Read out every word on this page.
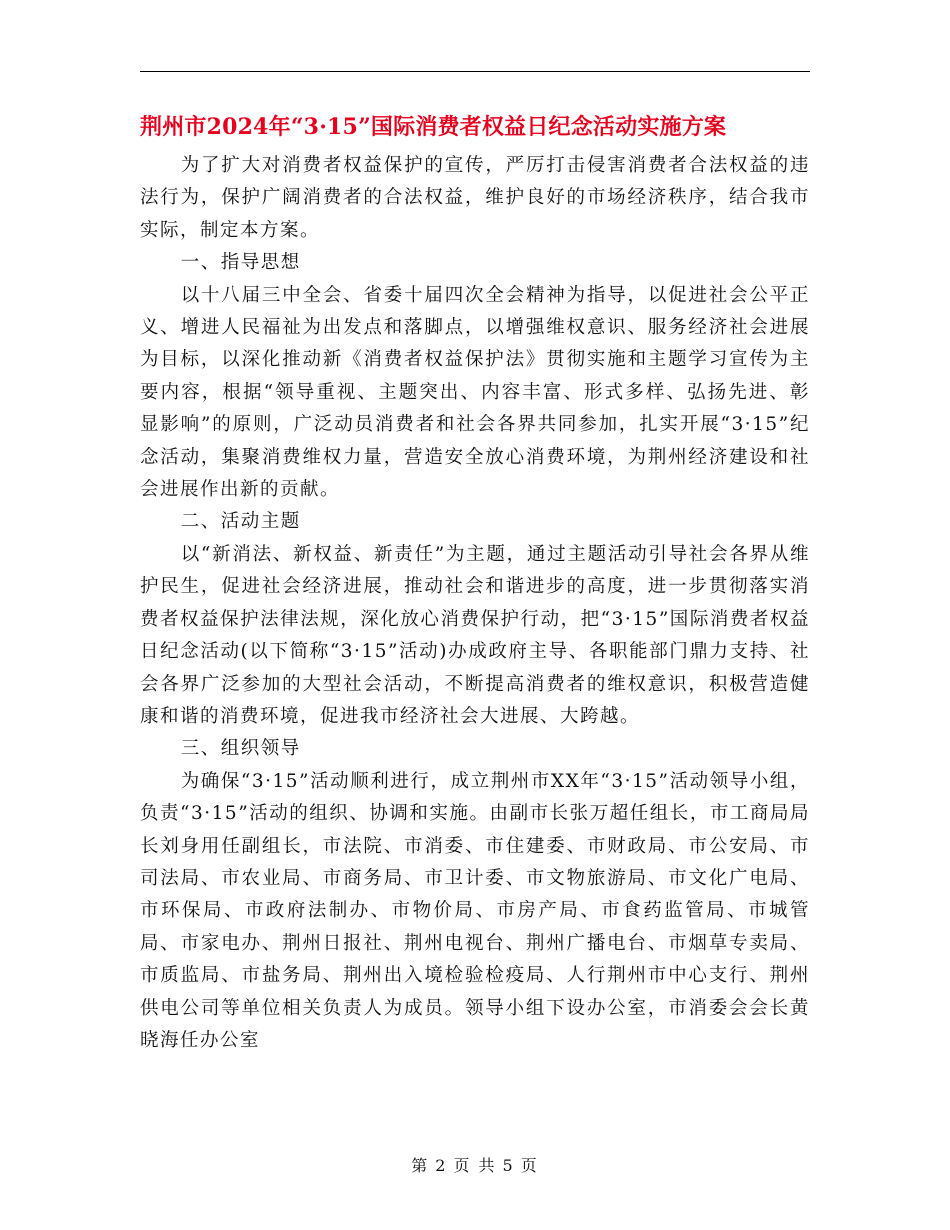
荆州市2024年“3·15”国际消费者权益日纪念活动实施方案

为了扩大对消费者权益保护的宣传，严厉打击侵害消费者合法权益的违法行为，保护广阔消费者的合法权益，维护良好的市场经济秩序，结合我市实际，制定本方案。

一、指导思想

以十八届三中全会、省委十届四次全会精神为指导，以促进社会公平正义、增进人民福祉为出发点和落脚点，以增强维权意识、服务经济社会进展为目标，以深化推动新《消费者权益保护法》贯彻实施和主题学习宣传为主要内容，根据“领导重视、主题突出、内容丰富、形式多样、弘扬先进、彰显影响”的原则，广泛动员消费者和社会各界共同参加，扎实开展“3·15”纪念活动，集聚消费维权力量，营造安全放心消费环境，为荆州经济建设和社会进展作出新的贡献。

二、活动主题

以“新消法、新权益、新责任”为主题，通过主题活动引导社会各界从维护民生，促进社会经济进展，推动社会和谐进步的高度，进一步贯彻落实消费者权益保护法律法规，深化放心消费保护行动，把“3·15”国际消费者权益日纪念活动(以下简称“3·15”活动)办成政府主导、各职能部门鼎力支持、社会各界广泛参加的大型社会活动，不断提高消费者的维权意识，积极营造健康和谐的消费环境，促进我市经济社会大进展、大跨越。

三、组织领导

为确保“3·15”活动顺利进行，成立荆州市XX年“3·15”活动领导小组，负责“3·15”活动的组织、协调和实施。由副市长张万超任组长，市工商局局长刘身用任副组长，市法院、市消委、市住建委、市财政局、市公安局、市司法局、市农业局、市商务局、市卫计委、市文物旅游局、市文化广电局、市环保局、市政府法制办、市物价局、市房产局、市食药监管局、市城管局、市家电办、荆州日报社、荆州电视台、荆州广播电台、市烟草专卖局、市质监局、市盐务局、荆州出入境检验检疫局、人行荆州市中心支行、荆州供电公司等单位相关负责人为成员。领导小组下设办公室，市消委会会长黄晓海任办公室

第 2 页 共 5 页
